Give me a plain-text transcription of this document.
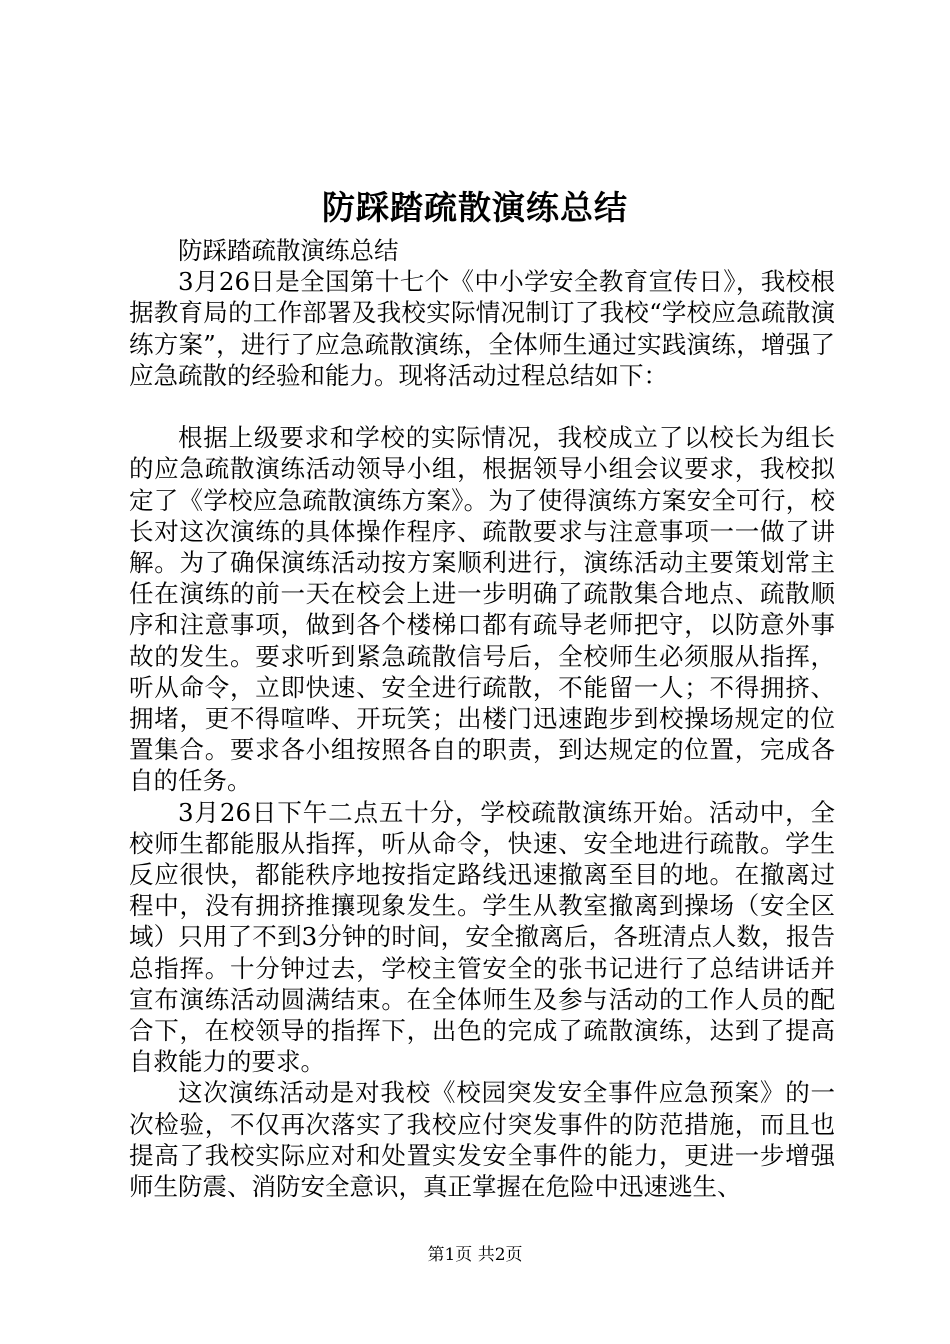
防踩踏疏散演练总结

防踩踏疏散演练总结

3月26日是全国第十七个《中小学安全教育宣传日》，我校根据教育局的工作部署及我校实际情况制订了我校“学校应急疏散演练方案”，进行了应急疏散演练，全体师生通过实践演练，增强了应急疏散的经验和能力。现将活动过程总结如下：

根据上级要求和学校的实际情况，我校成立了以校长为组长的应急疏散演练活动领导小组，根据领导小组会议要求，我校拟定了《学校应急疏散演练方案》。为了使得演练方案安全可行，校长对这次演练的具体操作程序、疏散要求与注意事项一一做了讲解。为了确保演练活动按方案顺利进行，演练活动主要策划常主任在演练的前一天在校会上进一步明确了疏散集合地点、疏散顺序和注意事项，做到各个楼梯口都有疏导老师把守，以防意外事故的发生。要求听到紧急疏散信号后，全校师生必须服从指挥，听从命令，立即快速、安全进行疏散，不能留一人；不得拥挤、拥堵，更不得喧哗、开玩笑；出楼门迅速跑步到校操场规定的位置集合。要求各小组按照各自的职责，到达规定的位置，完成各自的任务。

3月26日下午二点五十分，学校疏散演练开始。活动中，全校师生都能服从指挥，听从命令，快速、安全地进行疏散。学生反应很快，都能秩序地按指定路线迅速撤离至目的地。在撤离过程中，没有拥挤推攘现象发生。学生从教室撤离到操场（安全区域）只用了不到3分钟的时间，安全撤离后，各班清点人数，报告总指挥。十分钟过去，学校主管安全的张书记进行了总结讲话并宣布演练活动圆满结束。在全体师生及参与活动的工作人员的配合下，在校领导的指挥下，出色的完成了疏散演练，达到了提高自救能力的要求。

这次演练活动是对我校《校园突发安全事件应急预案》的一次检验，不仅再次落实了我校应付突发事件的防范措施，而且也提高了我校实际应对和处置实发安全事件的能力，更进一步增强师生防震、消防安全意识，真正掌握在危险中迅速逃生、

第1页 共2页
